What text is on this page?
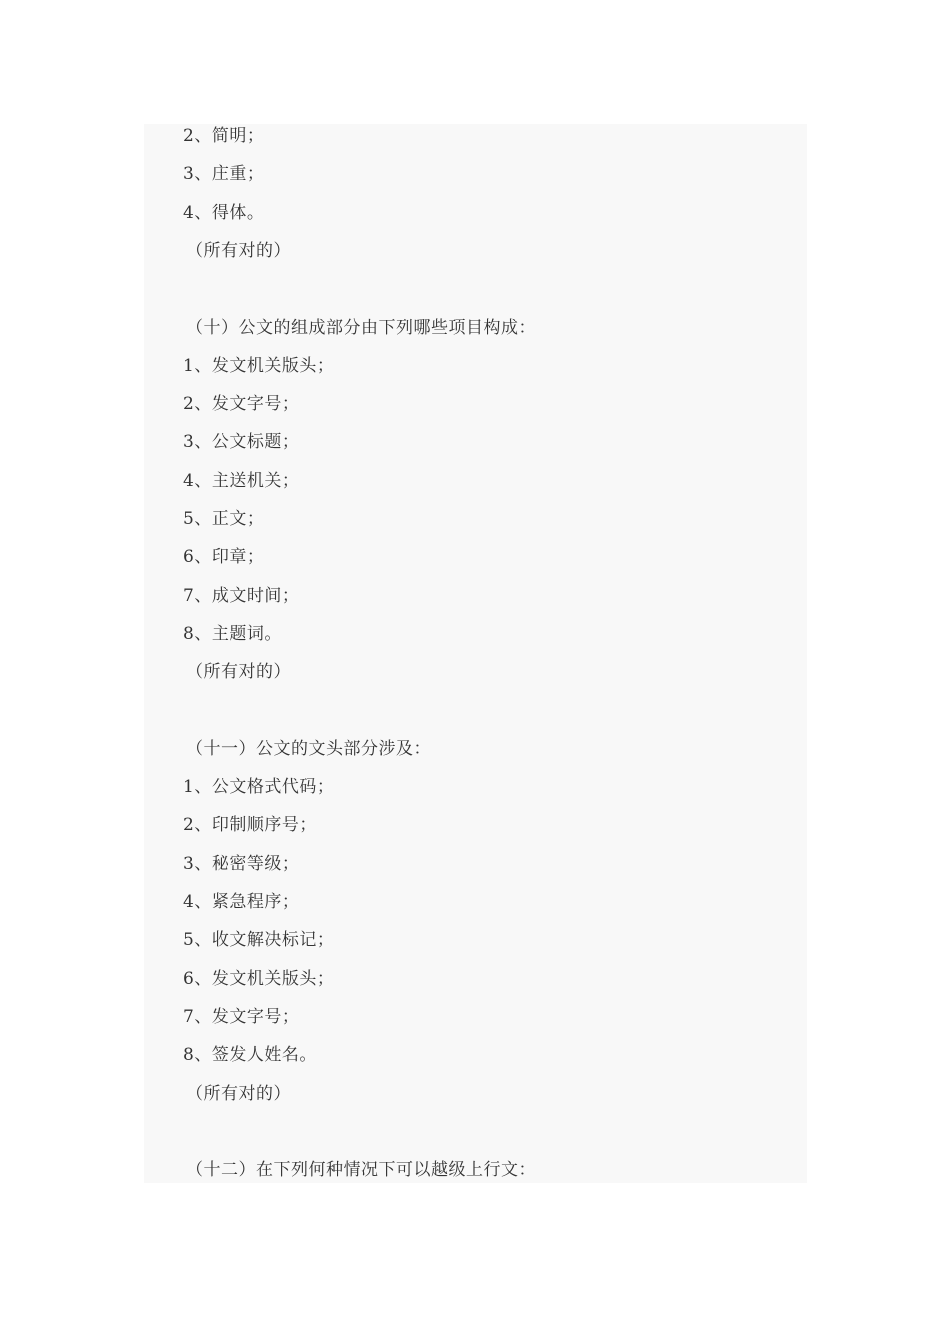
2、简明；
3、庄重；
4、得体。
（所有对的）
（十）公文的组成部分由下列哪些项目构成：
1、发文机关版头；
2、发文字号；
3、公文标题；
4、主送机关；
5、正文；
6、印章；
7、成文时间；
8、主题词。
（所有对的）
（十一）公文的文头部分涉及：
1、公文格式代码；
2、印制顺序号；
3、秘密等级；
4、紧急程序；
5、收文解决标记；
6、发文机关版头；
7、发文字号；
8、签发人姓名。
（所有对的）
（十二）在下列何种情况下可以越级上行文：
